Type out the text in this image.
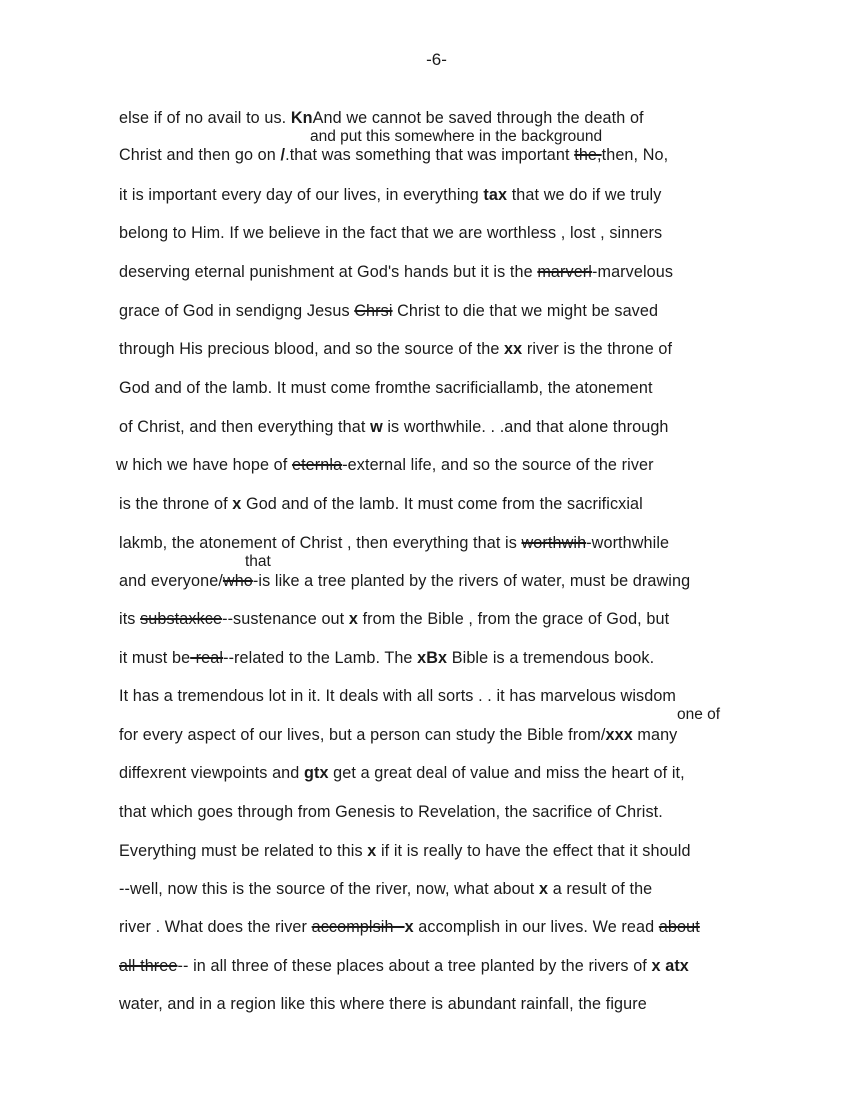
-6-
else if of no avail to us. KnAnd we cannot be saved through the death of
Christ and then go on /.that was something that was important the,then, No,
it is important every day of our lives, in everything tax that we do if we truly
belong to Him. If we believe in the fact that we are worthless , lost , sinners
deserving eternal punishment at God's hands but it is the marverl-marvelous
grace of God in sendigng Jesus Chrsi Christ to die that we might be saved
through His precious blood, and so the source of the xx river is the throne of
God and of the lamb. It must come fromthe sacrificiallamb, the atonement
of Christ, and then everything that w is worthwhile. . .and that alone through
w hich we have hope of eternla-external life, and so the source of the river
is the throne of x God and of the lamb. It must come from the sacrificxial
lakmb, the atonement of Christ , then everything that is worthwih-worthwhile
and everyone/who-is like a tree planted by the rivers of water, must be drawing
its substaxkce--sustenance out x from the Bible , from the grace of God, but
it must be-real--related to the Lamb. The xBx Bible is a tremendous book.
It has a tremendous lot in it. It deals with all sorts . . it has marvelous wisdom
for every aspect of our lives, but a person can study the Bible from/xxx many
diffexrent viewpoints and gtx get a great deal of value and miss the heart of it,
that which goes through from Genesis to Revelation, the sacrifice of Christ.
Everything must be related to this x if it is really to have the effect that it should
--well, now this is the source of the river, now, what about x a result of the
river . What does the river accomplsih--x accomplish in our lives. We read about
all three-- in all three of these places about a tree planted by the rivers of x atx
water, and in a region like this where there is abundant rainfall, the figure
and put this somewhere in the background
that
one of
